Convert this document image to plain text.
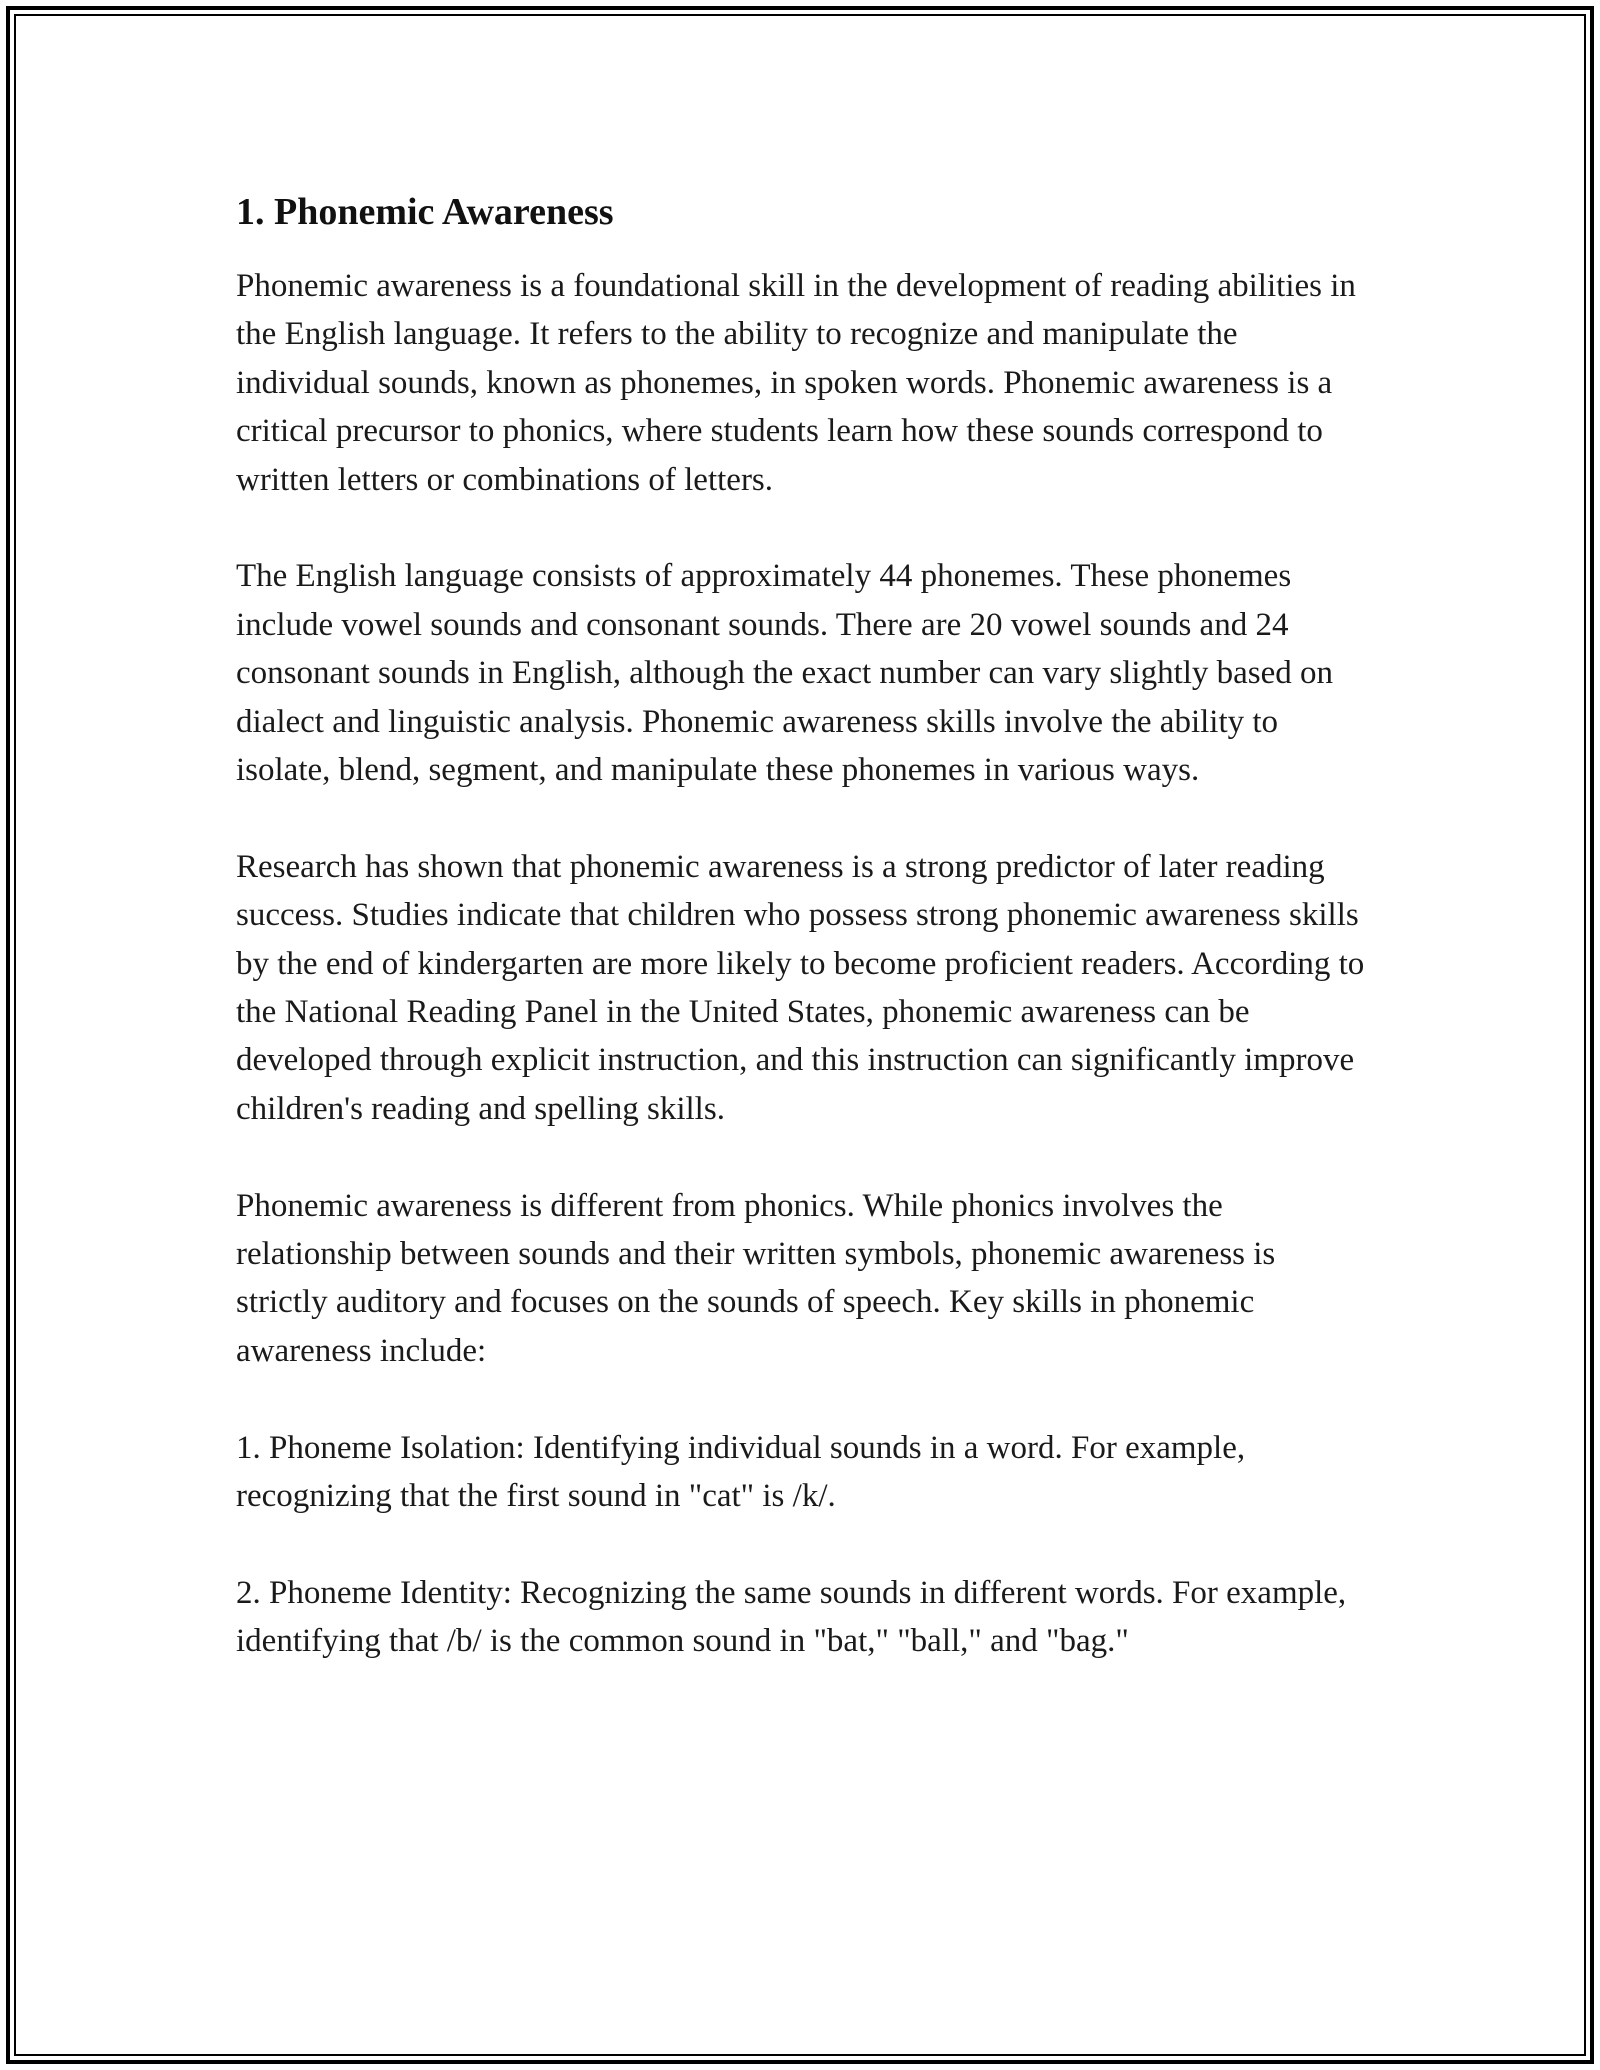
1. Phonemic Awareness

Phonemic awareness is a foundational skill in the development of reading abilities in the English language. It refers to the ability to recognize and manipulate the individual sounds, known as phonemes, in spoken words. Phonemic awareness is a critical precursor to phonics, where students learn how these sounds correspond to written letters or combinations of letters.

The English language consists of approximately 44 phonemes. These phonemes include vowel sounds and consonant sounds. There are 20 vowel sounds and 24 consonant sounds in English, although the exact number can vary slightly based on dialect and linguistic analysis. Phonemic awareness skills involve the ability to isolate, blend, segment, and manipulate these phonemes in various ways.

Research has shown that phonemic awareness is a strong predictor of later reading success. Studies indicate that children who possess strong phonemic awareness skills by the end of kindergarten are more likely to become proficient readers. According to the National Reading Panel in the United States, phonemic awareness can be developed through explicit instruction, and this instruction can significantly improve children's reading and spelling skills.

Phonemic awareness is different from phonics. While phonics involves the relationship between sounds and their written symbols, phonemic awareness is strictly auditory and focuses on the sounds of speech. Key skills in phonemic awareness include:

1. Phoneme Isolation: Identifying individual sounds in a word. For example, recognizing that the first sound in "cat" is /k/.

2. Phoneme Identity: Recognizing the same sounds in different words. For example, identifying that /b/ is the common sound in "bat," "ball," and "bag."
